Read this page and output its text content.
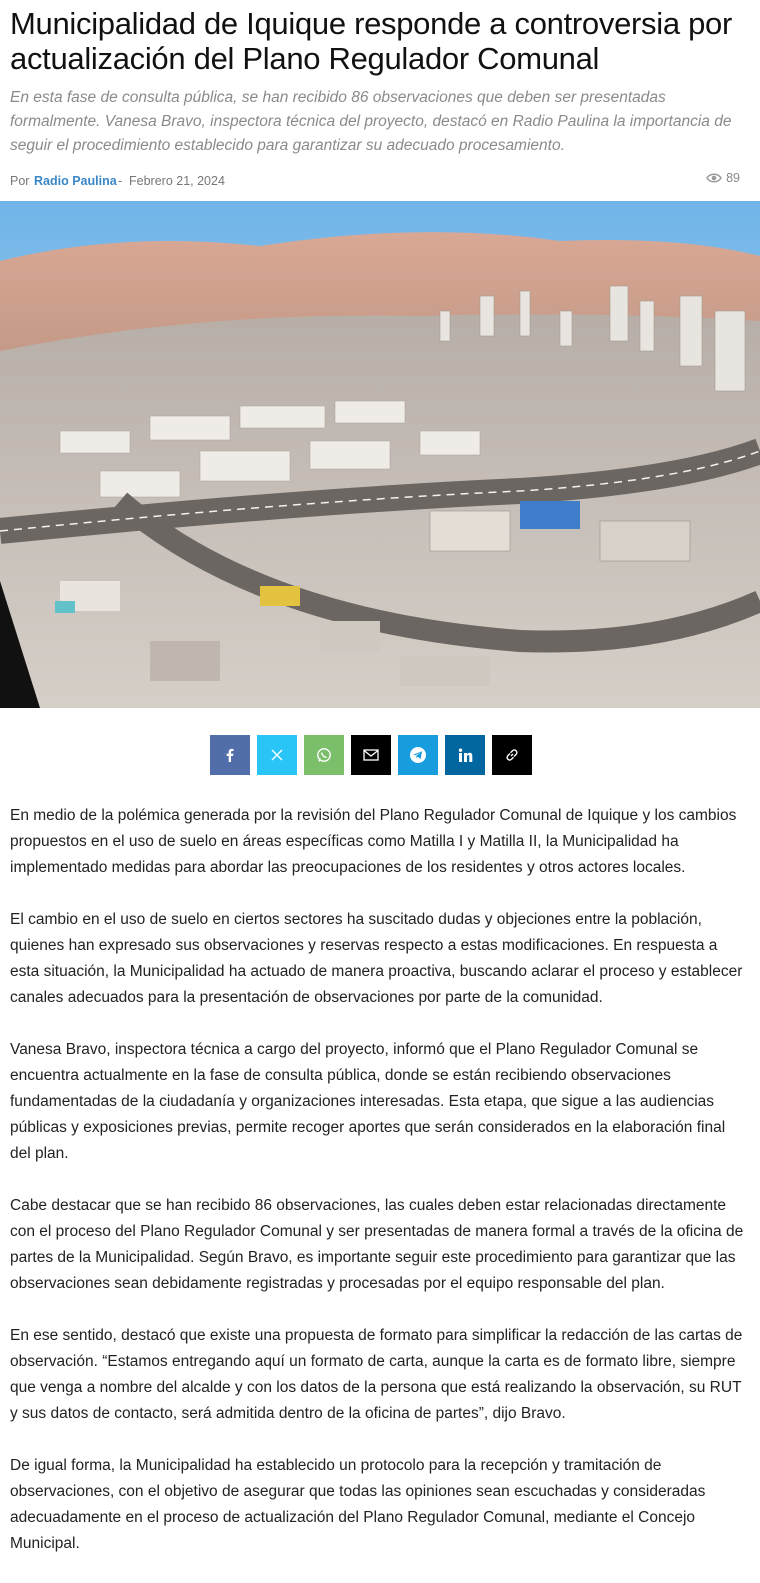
Municipalidad de Iquique responde a controversia por actualización del Plano Regulador Comunal

En esta fase de consulta pública, se han recibido 86 observaciones que deben ser presentadas formalmente. Vanesa Bravo, inspectora técnica del proyecto, destacó en Radio Paulina la importancia de seguir el procedimiento establecido para garantizar su adecuado procesamiento.

Por Radio Paulina - Febrero 21, 2024	89

En medio de la polémica generada por la revisión del Plano Regulador Comunal de Iquique y los cambios propuestos en el uso de suelo en áreas específicas como Matilla I y Matilla II, la Municipalidad ha implementado medidas para abordar las preocupaciones de los residentes y otros actores locales.

El cambio en el uso de suelo en ciertos sectores ha suscitado dudas y objeciones entre la población, quienes han expresado sus observaciones y reservas respecto a estas modificaciones. En respuesta a esta situación, la Municipalidad ha actuado de manera proactiva, buscando aclarar el proceso y establecer canales adecuados para la presentación de observaciones por parte de la comunidad.

Vanesa Bravo, inspectora técnica a cargo del proyecto, informó que el Plano Regulador Comunal se encuentra actualmente en la fase de consulta pública, donde se están recibiendo observaciones fundamentadas de la ciudadanía y organizaciones interesadas. Esta etapa, que sigue a las audiencias públicas y exposiciones previas, permite recoger aportes que serán considerados en la elaboración final del plan.

Cabe destacar que se han recibido 86 observaciones, las cuales deben estar relacionadas directamente con el proceso del Plano Regulador Comunal y ser presentadas de manera formal a través de la oficina de partes de la Municipalidad. Según Bravo, es importante seguir este procedimiento para garantizar que las observaciones sean debidamente registradas y procesadas por el equipo responsable del plan.

En ese sentido, destacó que existe una propuesta de formato para simplificar la redacción de las cartas de observación. “Estamos entregando aquí un formato de carta, aunque la carta es de formato libre, siempre que venga a nombre del alcalde y con los datos de la persona que está realizando la observación, su RUT y sus datos de contacto, será admitida dentro de la oficina de partes”, dijo Bravo.

De igual forma, la Municipalidad ha establecido un protocolo para la recepción y tramitación de observaciones, con el objetivo de asegurar que todas las opiniones sean escuchadas y consideradas adecuadamente en el proceso de actualización del Plano Regulador Comunal, mediante el Concejo Municipal.
